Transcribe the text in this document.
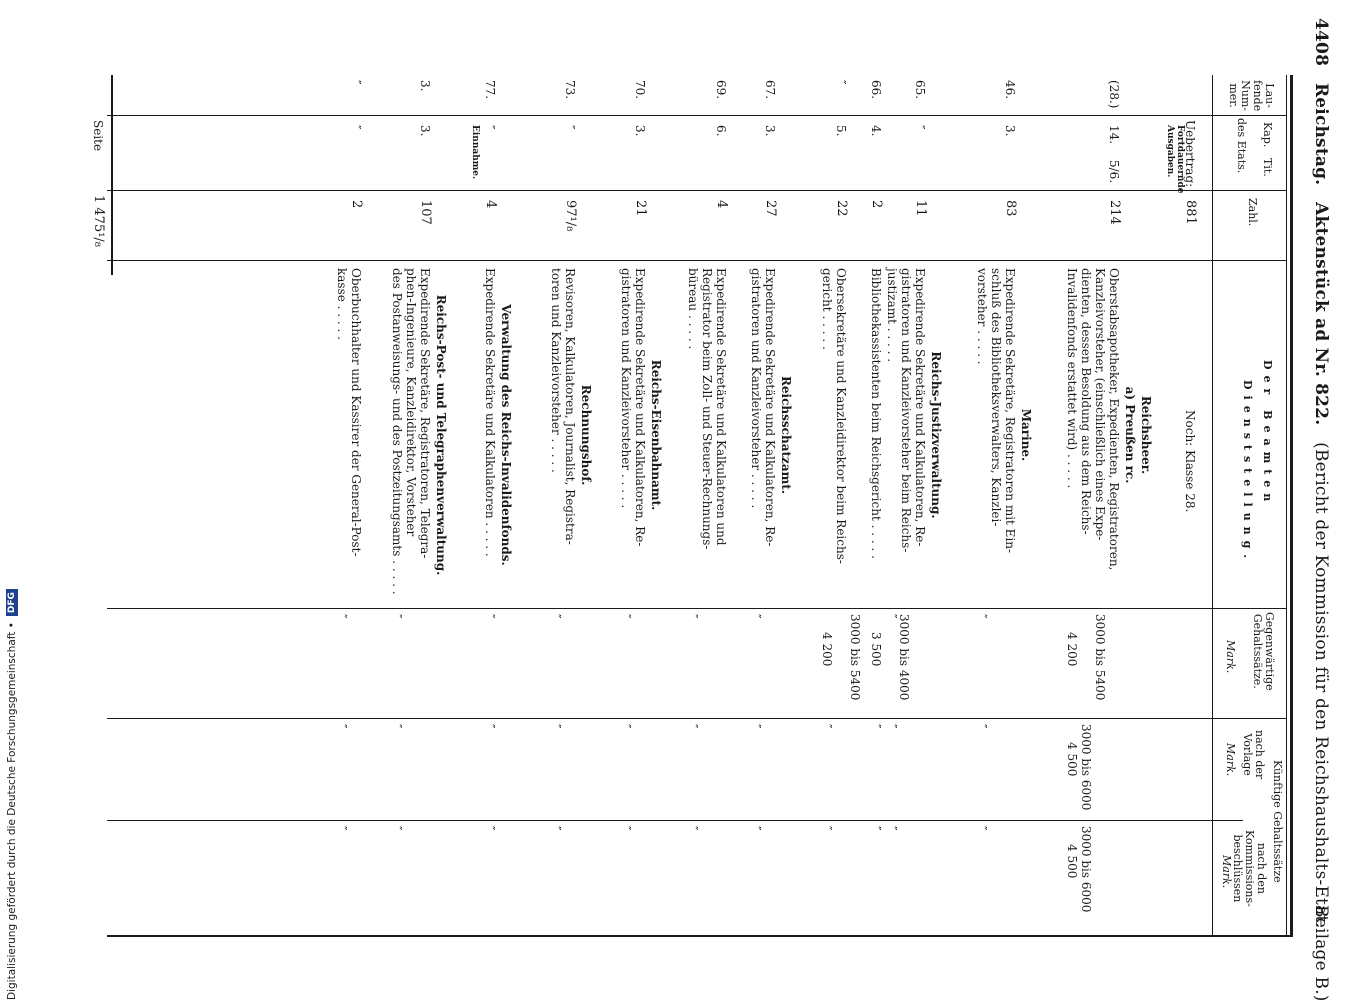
4408   Reichstag.   Aktenstück ad Nr. 822.   (Bericht der Kommission für den Reichshaushalts-Etat.
Beilage B.)
Lau-
fende
Num-
mer.
Kap.
Tit.
des Etats.
Zahl.
Der Beamten
Dienststellung.
Gegenwärtige
Gehaltssätze.
Mark.
Künftige Gehaltssätze
nach der
Vorlage
Mark.
nach den
Kommissions-
beschlüssen
Mark.
Uebertrag:
881
Noch: Klasse 28.
Fortdauernde
Ausgaben.
Reichsheer.
a) Preußen rc.
(28.)
14.
5/6.
214
Oberstabsapotheker, Expedienten, Registratoren,
Kanzleivorsteher, (einschließlich eines Expe-
dienten, dessen Besoldung aus dem Reichs-
Invalidenfonds erstattet wird) . . . . .
3000 bis 5400
4 200
3000 bis 6000
4 500
3000 bis 6000
4 500
Marine.
46.
3.
83
Expedirende Sekretäre, Registratoren mit Ein-
schluß des Bibliotheksverwalters, Kanzlei-
vorsteher . . . . .
″
″
″
Reichs-Justizverwaltung.
65.
″
11
Expedirende Sekretäre und Kalkulatoren, Re-
gistratoren und Kanzleivorsteher beim Reichs-
justizamt . . . . .
″
″
″
66.
4.
2
Bibliothekassistenten beim Reichsgericht . . . . .
3000 bis 4000
3 500
″
″
″
5.
22
Obersekretäre und Kanzleidirektor beim Reichs-
gericht . . . . .
3000 bis 5400
4 200
″
″
Reichsschatzamt.
67.
3.
27
Expedirende Sekretäre und Kalkulatoren, Re-
gistratoren und Kanzleivorsteher . . . . .
″
″
″
69.
6.
4
Expedirende Sekretäre und Kalkulatoren und
Registrator beim Zoll- und Steuer-Rechnungs-
büreau . . . . .
″
″
″
Reichs-Eisenbahnamt.
70.
3.
21
Expedirende Sekretäre und Kalkulatoren, Re-
gistratoren und Kanzleivorsteher . . . . .
″
″
″
Rechnungshof.
73.
″
97¹/₈
Revisoren, Kalkulatoren, Journalist, Registra-
toren und Kanzleivorsteher . . . . .
″
″
″
Verwaltung des Reichs-Invalidenfonds.
77.
″
4
Expedirende Sekretäre und Kalkulatoren . . . . .
″
″
″
Einnahme.
Reichs-Post- und Telegraphenverwaltung.
3.
3.
107
Expedirende Sekretäre, Registratoren, Telegra-
phen-Ingenieure, Kanzleidirektor, Vorsteher
des Postanweisungs- und des Postzeitungsamts . . . . .
″
″
″
″
″
2
Oberbuchhalter und Kassirer der General-Post-
kasse . . . . .
″
″
″
Seite
1 475¹/₈
Digitalisierung gefördert durch die Deutsche Forschungsgemeinschaft •
DFG
